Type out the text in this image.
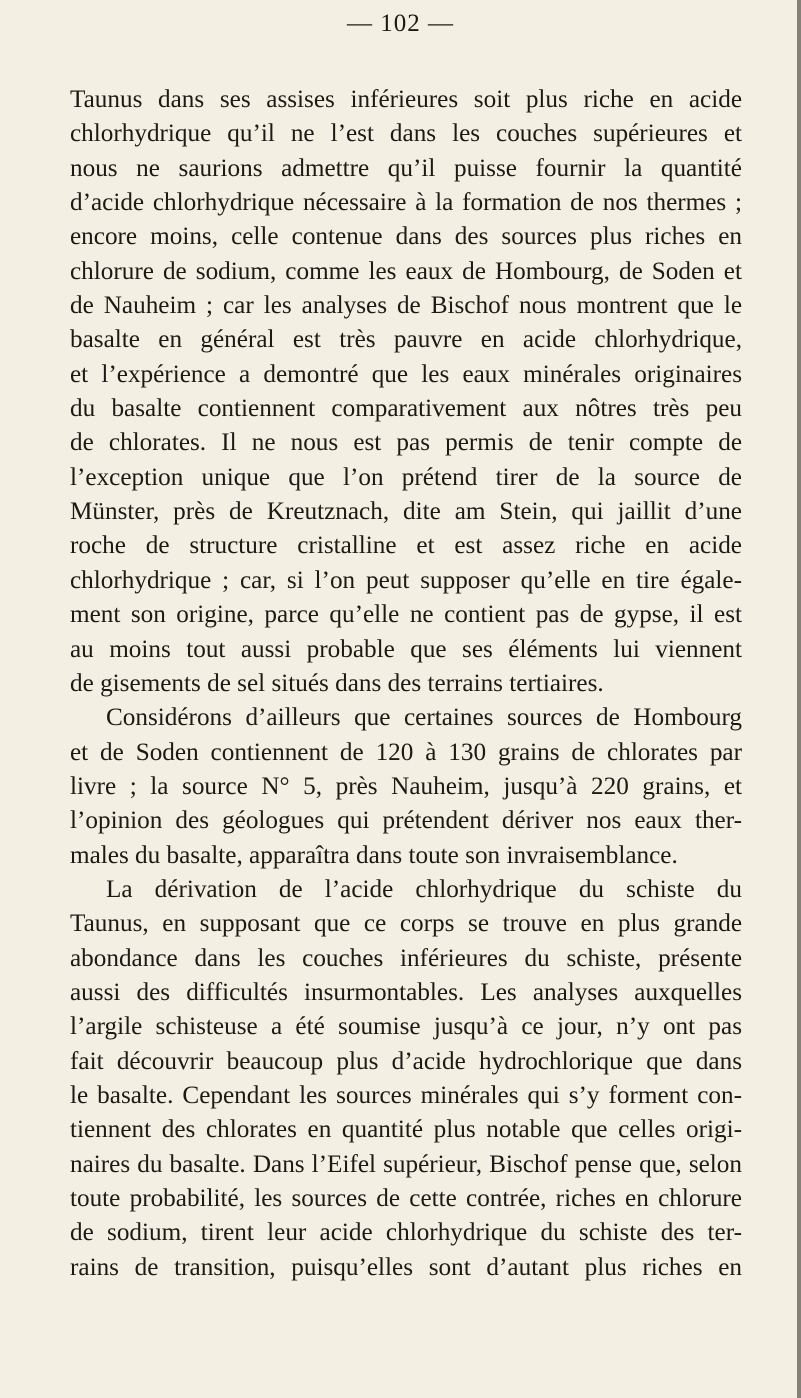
— 102 —
Taunus dans ses assises inférieures soit plus riche en acide
chlorhydrique qu’il ne l’est dans les couches supérieures et
nous ne saurions admettre qu’il puisse fournir la quantité
d’acide chlorhydrique nécessaire à la formation de nos thermes ;
encore moins, celle contenue dans des sources plus riches en
chlorure de sodium, comme les eaux de Hombourg, de Soden et
de Nauheim ; car les analyses de Bischof nous montrent que le
basalte en général est très pauvre en acide chlorhydrique,
et l’expérience a demontré que les eaux minérales originaires
du basalte contiennent comparativement aux nôtres très peu
de chlorates. Il ne nous est pas permis de tenir compte de
l’exception unique que l’on prétend tirer de la source de
Münster, près de Kreutznach, dite am Stein, qui jaillit d’une
roche de structure cristalline et est assez riche en acide
chlorhydrique ; car, si l’on peut supposer qu’elle en tire égale-
ment son origine, parce qu’elle ne contient pas de gypse, il est
au moins tout aussi probable que ses éléments lui viennent
de gisements de sel situés dans des terrains tertiaires.
Considérons d’ailleurs que certaines sources de Hombourg
et de Soden contiennent de 120 à 130 grains de chlorates par
livre ; la source N° 5, près Nauheim, jusqu’à 220 grains, et
l’opinion des géologues qui prétendent dériver nos eaux ther-
males du basalte, apparaîtra dans toute son invraisemblance.
La dérivation de l’acide chlorhydrique du schiste du
Taunus, en supposant que ce corps se trouve en plus grande
abondance dans les couches inférieures du schiste, présente
aussi des difficultés insurmontables. Les analyses auxquelles
l’argile schisteuse a été soumise jusqu’à ce jour, n’y ont pas
fait découvrir beaucoup plus d’acide hydrochlorique que dans
le basalte. Cependant les sources minérales qui s’y forment con-
tiennent des chlorates en quantité plus notable que celles origi-
naires du basalte. Dans l’Eifel supérieur, Bischof pense que, selon
toute probabilité, les sources de cette contrée, riches en chlorure
de sodium, tirent leur acide chlorhydrique du schiste des ter-
rains de transition, puisqu’elles sont d’autant plus riches en
